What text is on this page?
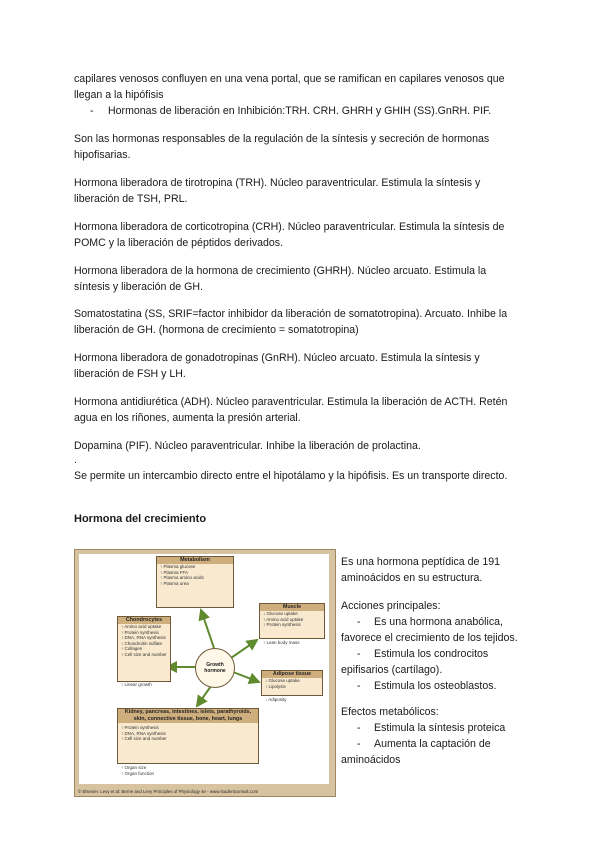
capilares venosos confluyen en una vena portal, que se ramifican en capilares venosos que

llegan a la hipófisis

- Hormonas de liberación en Inhibición:TRH. CRH. GHRH y GHIH (SS).GnRH. PIF.

Son las hormonas responsables de la regulación de la síntesis y secreción de hormonas

hipofisarias.

Hormona liberadora de tirotropina (TRH). Núcleo paraventricular. Estimula la síntesis y

liberación de TSH, PRL.

Hormona liberadora de corticotropina (CRH). Núcleo paraventricular. Estimula la síntesis de

POMC y la liberación de péptidos derivados.

Hormona liberadora de la hormona de crecimiento (GHRH). Núcleo arcuato. Estimula la

síntesis y liberación de GH.

Somatostatina (SS, SRIF=factor inhibidor da liberación de somatotropina). Arcuato. Inhibe la

liberación de GH. (hormona de crecimiento = somatotropina)

Hormona liberadora de gonadotropinas (GnRH). Núcleo arcuato. Estimula la síntesis y

liberación de FSH y LH.

Hormona antidiurética (ADH). Núcleo paraventricular. Estimula la liberación de ACTH. Retén

agua en los riñones, aumenta la presión arterial.

Dopamina (PIF). Núcleo paraventricular. Inhibe la liberación de prolactina.

.

Se permite un intercambio directo entre el hipotálamo y la hipófisis. Es un transporte directo.

Hormona del crecimiento
Metabolism
↑ Plasma glucose
↑ Plasma FFA
↑ Plasma amino acids
↑ Plasma urea
Muscle
↓ Glucose uptake
↑ Amino acid uptake
↑ Protein synthesis
↑ Lean body mass
Chondrocytes
↑ Amino acid uptake
↑ Protein synthesis
↑ DNA, RNA synthesis
↑ Chondroitin sulfate
↑ Collagen
↑ Cell size and number
↑ Linear growth
Growth hormone	Adipose tissue
↓ Glucose uptake
↑ Lipolysis
↓ Adiposity
Kidney, pancreas, intestines, islets, parathyroids, skin, connective tissue, bone, heart, lungs
↑ Protein synthesis
↑ DNA, RNA synthesis
↑ Cell size and number
↑ Organ size
↑ Organ function
© Elsevier. Levy et al: Berne and Levy Principles of Physiology 4e - www.studentconsult.com

Es una hormona peptídica de 191

aminoácidos en su estructura.

Acciones principales:

- Es una hormona anabólica,

favorece el crecimiento de los tejidos.

- Estimula los condrocitos

epifisarios (cartílago).

- Estimula los osteoblastos.

Efectos metabólicos:

- Estimula la síntesis proteica

- Aumenta la captación de

aminoácidos
